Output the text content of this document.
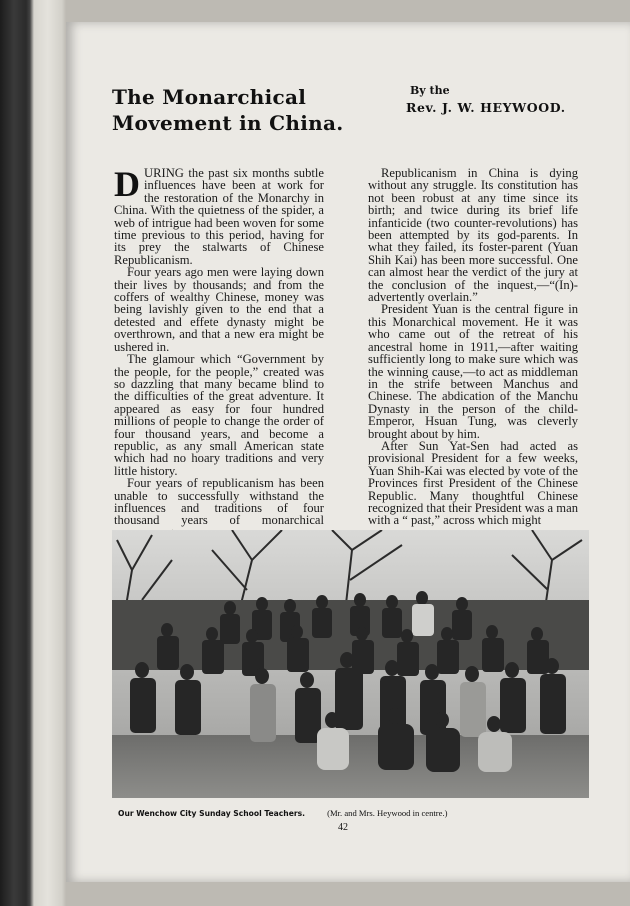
The Monarchical
Movement in China.
By the
Rev. J. W. HEYWOOD.

DURING the past six months subtle influences have been at work for the restoration of the Monarchy in China. With the quietness of the spider, a web of intrigue had been woven for some time previous to this period, having for its prey the stalwarts of Chinese Republicanism.

Four years ago men were laying down their lives by thousands; and from the coffers of wealthy Chinese, money was being lavishly given to the end that a detested and effete dynasty might be overthrown, and that a new era might be ushered in.

The glamour which “Government by the people, for the people,” created was so dazzling that many became blind to the difficulties of the great adventure. It appeared as easy for four hundred millions of people to change the order of four thousand years, and become a republic, as any small American state which had no hoary traditions and very little history.

Four years of republicanism has been unable to successfully withstand the influences and traditions of four thousand years of monarchical

Republicanism in China is dying without any struggle. Its constitution has not been robust at any time since its birth; and twice during its brief life infanticide (two counter-revolutions) has been attempted by its god-parents. In what they failed, its foster-parent (Yuan Shih Kai) has been more successful. One can almost hear the verdict of the jury at the conclusion of the inquest,—“(In)-advertently overlain.”

President Yuan is the central figure in this Monarchical movement. He it was who came out of the retreat of his ancestral home in 1911,—after waiting sufficiently long to make sure which was the winning cause,—to act as middleman in the strife between Manchus and Chinese. The abdication of the Manchu Dynasty in the person of the child-Emperor, Hsuan Tung, was cleverly brought about by him.

After Sun Yat-Sen had acted as provisional President for a few weeks, Yuan Shih-Kai was elected by vote of the Provinces first President of the Chinese Republic. Many thoughtful Chinese recognized that their President was a man with a “ past,” across which might

Our Wenchow City Sunday School Teachers.	(Mr. and Mrs. Heywood in centre.)
42
